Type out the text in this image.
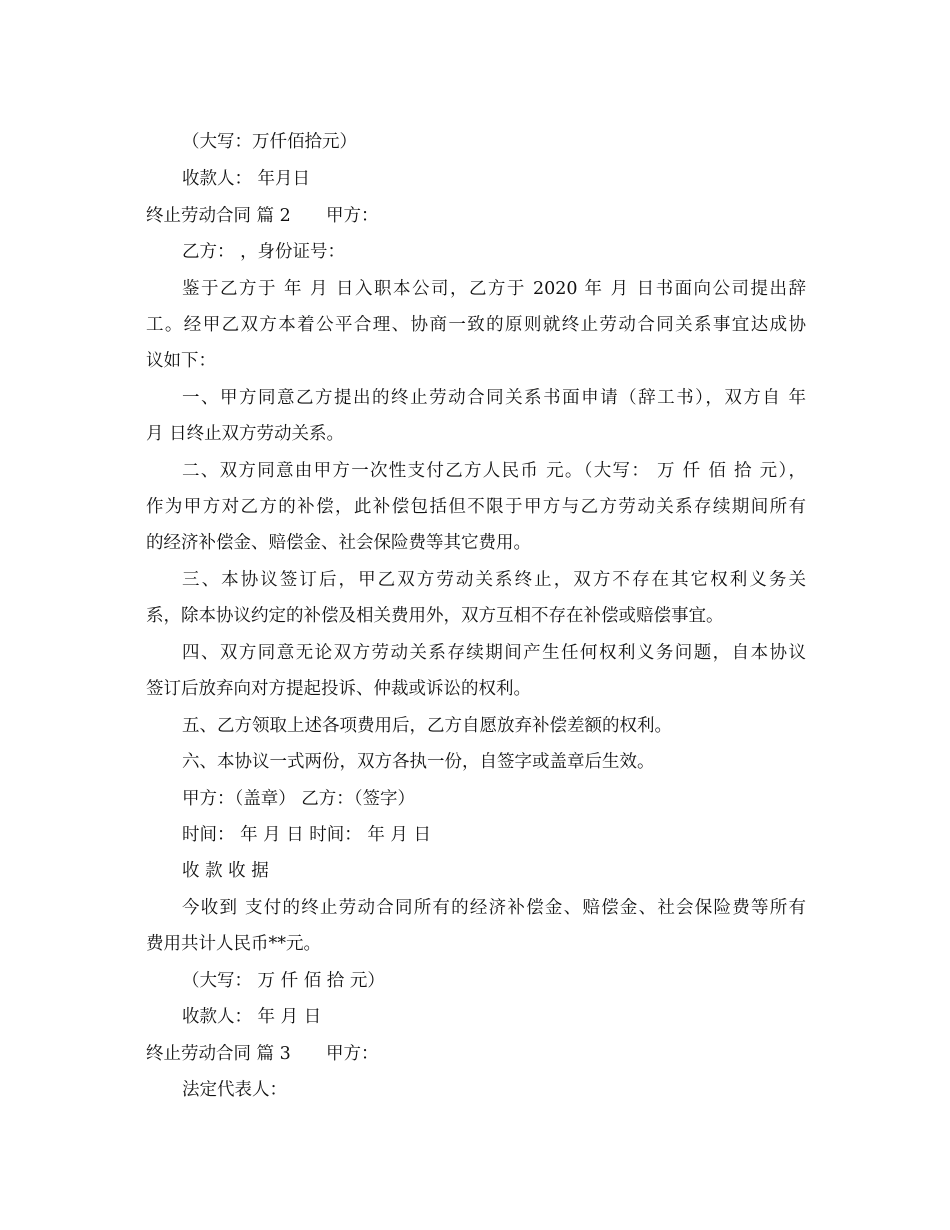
（大写：万仟佰拾元）
收款人： 年月日
终止劳动合同 篇 2 甲方：
乙方： ，身份证号：
鉴于乙方于 年 月 日入职本公司，乙方于 2020 年 月 日书面向公司提出辞
工。经甲乙双方本着公平合理、协商一致的原则就终止劳动合同关系事宜达成协
议如下：
一、甲方同意乙方提出的终止劳动合同关系书面申请（辞工书），双方自 年
月 日终止双方劳动关系。
二、双方同意由甲方一次性支付乙方人民币 元。（大写： 万 仟 佰 拾 元），
作为甲方对乙方的补偿，此补偿包括但不限于甲方与乙方劳动关系存续期间所有
的经济补偿金、赔偿金、社会保险费等其它费用。
三、本协议签订后，甲乙双方劳动关系终止，双方不存在其它权利义务关
系，除本协议约定的补偿及相关费用外，双方互相不存在补偿或赔偿事宜。
四、双方同意无论双方劳动关系存续期间产生任何权利义务问题，自本协议
签订后放弃向对方提起投诉、仲裁或诉讼的权利。
五、乙方领取上述各项费用后，乙方自愿放弃补偿差额的权利。
六、本协议一式两份，双方各执一份，自签字或盖章后生效。
甲方：（盖章） 乙方：（签字）
时间： 年 月 日 时间： 年 月 日
收 款 收 据
今收到 支付的终止劳动合同所有的经济补偿金、赔偿金、社会保险费等所有
费用共计人民币**元。
（大写： 万 仟 佰 拾 元）
收款人： 年 月 日
终止劳动合同 篇 3 甲方：
法定代表人：
